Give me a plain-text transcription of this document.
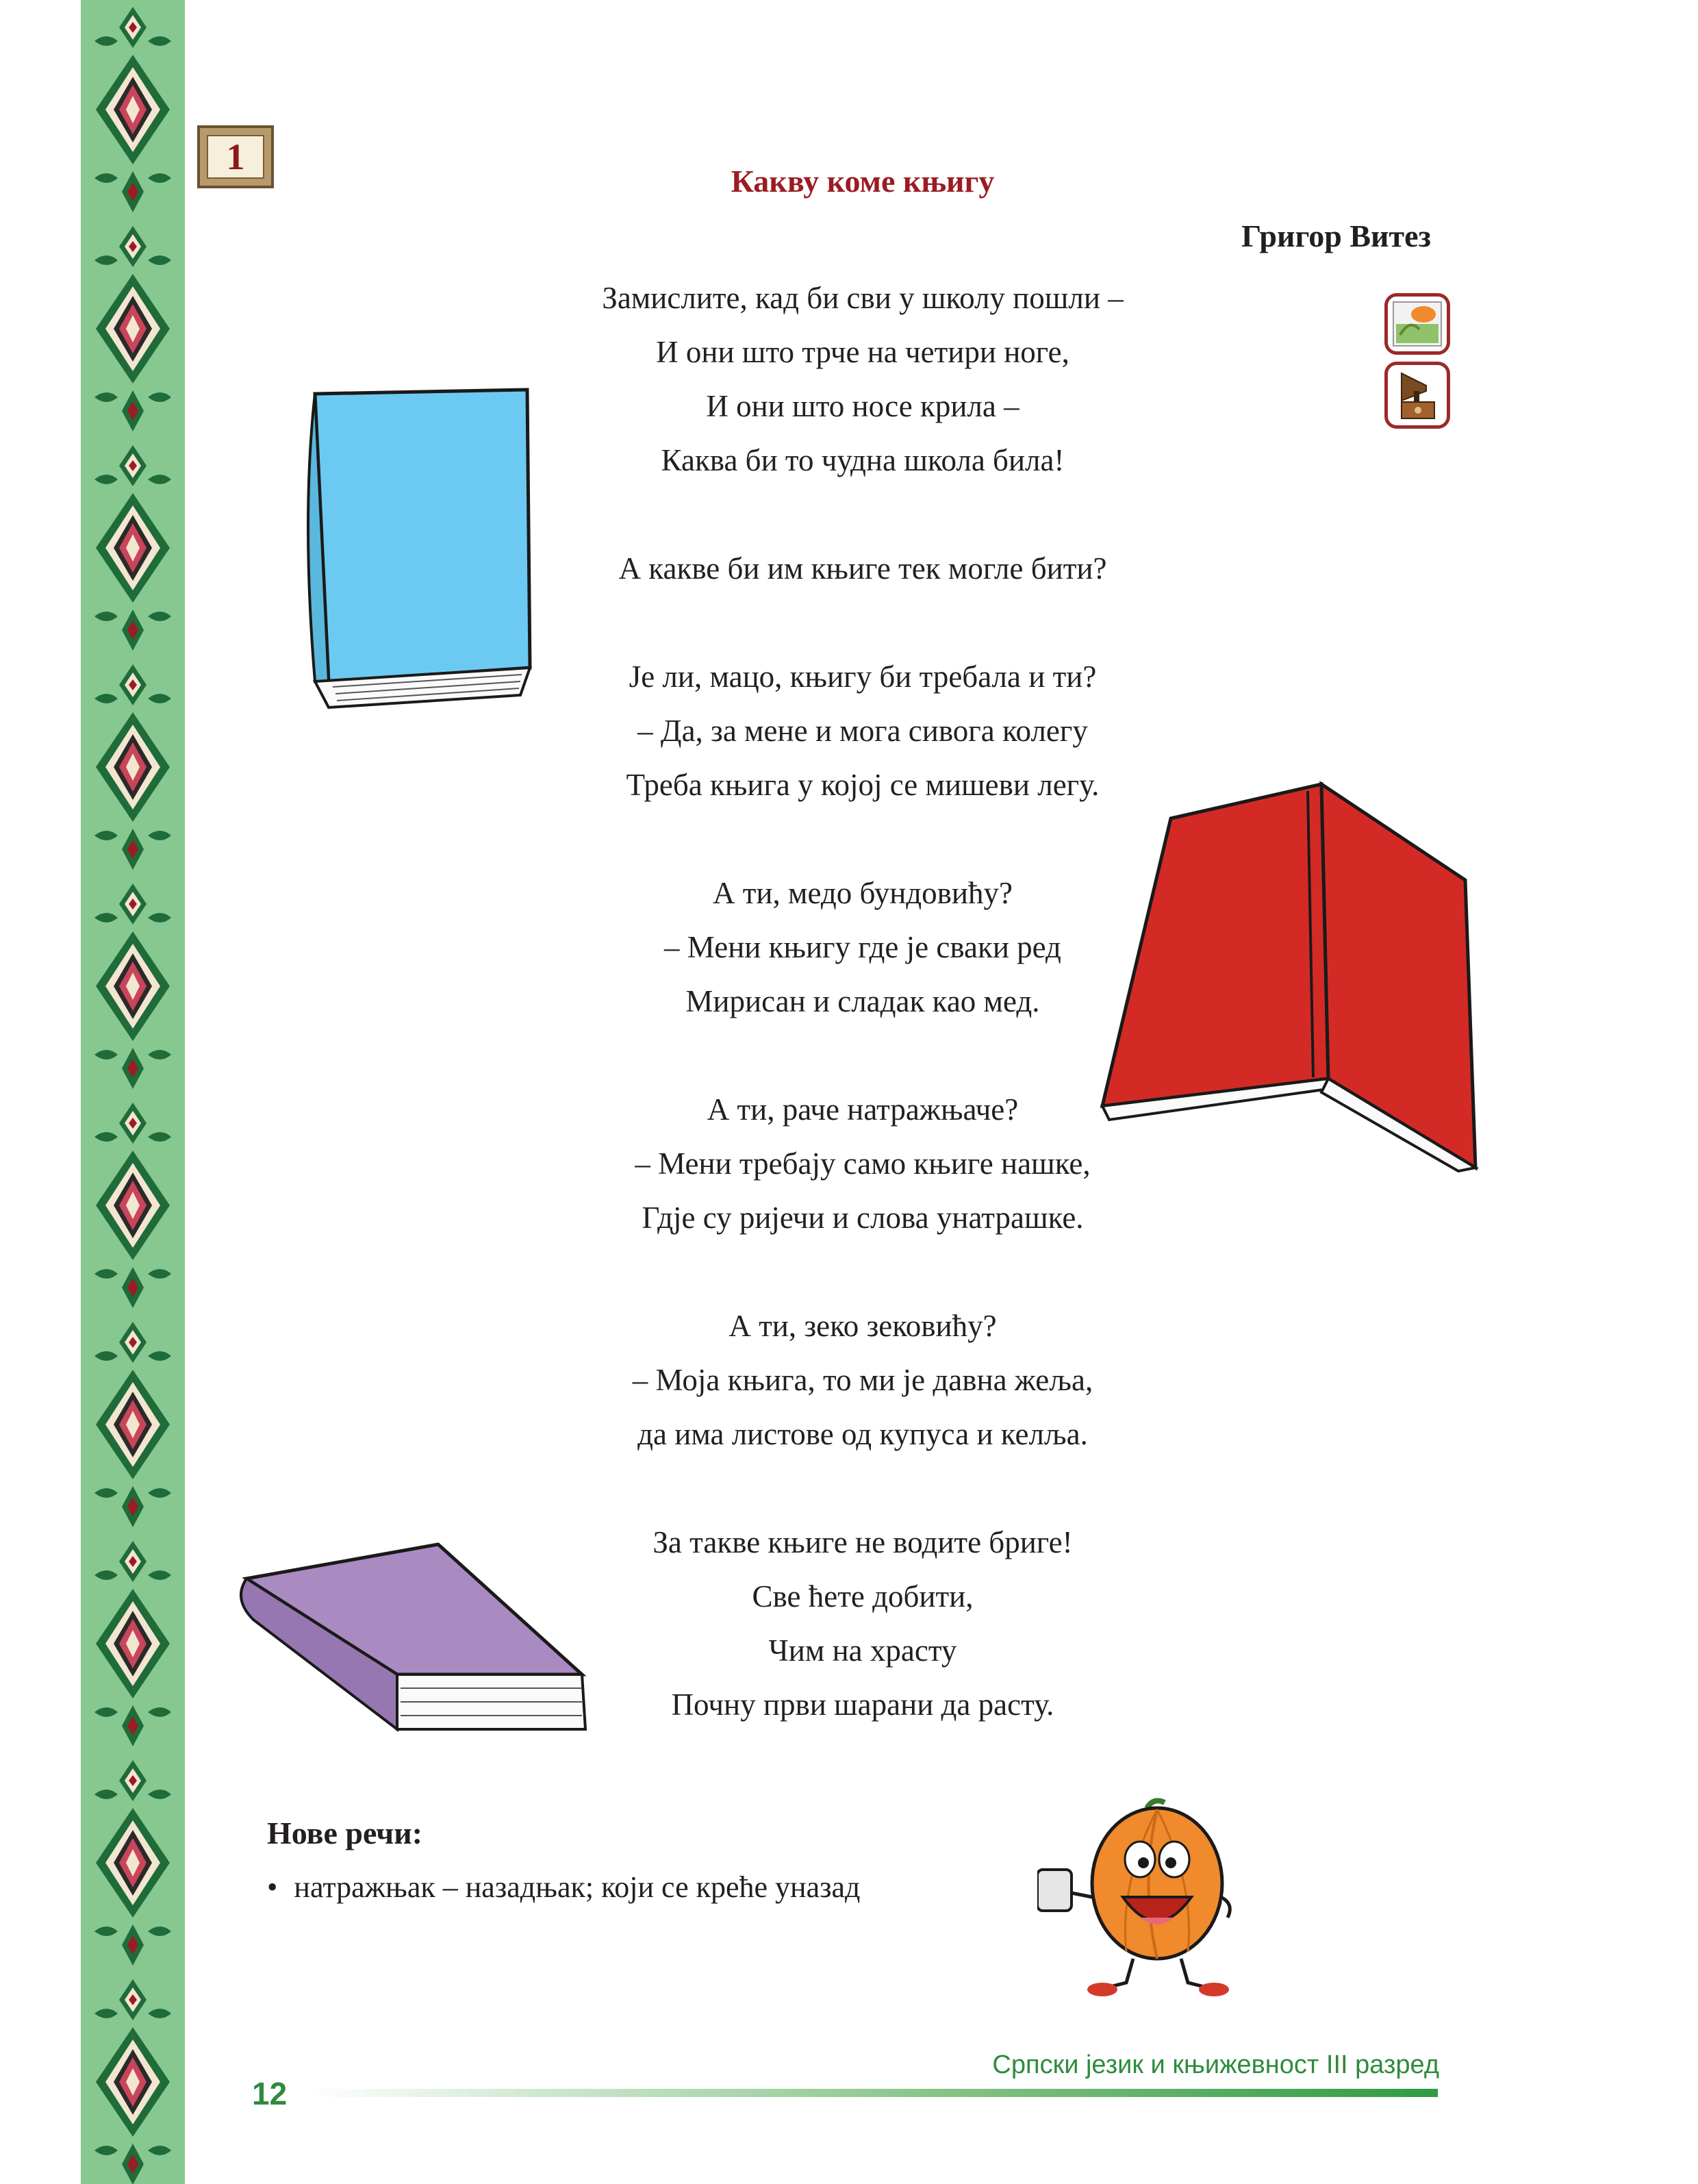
1
Какву коме књигу
Григор Витез
Замислите, кад би сви у школу пошли –
И они што трче на четири ноге,
И они што носе крила –
Каква би то чудна школа била!
А какве би им књиге тек могле бити?
Је ли, мацо, књигу би требала и ти?
– Да, за мене и мога сивога колегу
Треба књига у којој се мишеви легу.
А ти, медо бундовићу?
– Мени књигу где је сваки ред
Мирисан и сладак као мед.
А ти, раче натражњаче?
– Мени требају само књиге нашке,
Гдје су ријечи и слова унатрашке.
А ти, зеко зековићу?
– Моја књига, то ми је давна жеља,
да има листове од купуса и келља.
За такве књиге не водите бриге!
Све ћете добити,
Чим на храсту
Почну први шарани да расту.
Нове речи:
• натражњак – назадњак; који се креће уназад
12
Српски језик и књижевност III разред
